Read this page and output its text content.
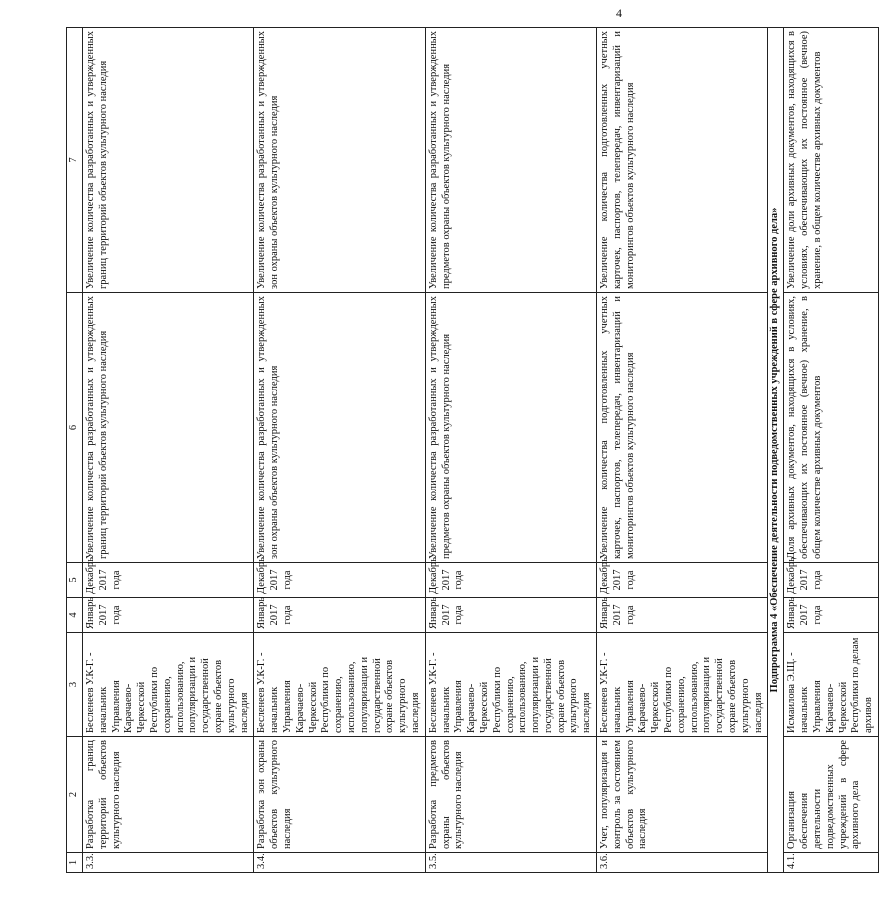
4
1	2	3	4	5	6	7
3.3.	Разработка границ территорий объектов культурного наследия	Бесленеев У.К-Г. - начальник Управления Карачаево-Черкесской Республики по сохранению, использованию, популяризации и государственной охране объектов культурного наследия	Январь 2017 года	Декабрь 2017 года	Увеличение количества разработанных и утвержденных границ территорий объектов культурного наследия	Увеличение количества разработанных и утвержденных границ территорий объектов культурного наследия
3.4.	Разработка зон охраны объектов культурного наследия	Бесленеев У.К-Г. - начальник Управления Карачаево-Черкесской Республики по сохранению, использованию, популяризации и государственной охране объектов культурного наследия	Январь 2017 года	Декабрь 2017 года	Увеличение количества разработанных и утвержденных зон охраны объектов культурного наследия	Увеличение количества разработанных и утвержденных зон охраны объектов культурного наследия
3.5.	Разработка предметов охраны объектов культурного наследия	Бесленеев У.К-Г. - начальник Управления Карачаево-Черкесской Республики по сохранению, использованию, популяризации и государственной охране объектов культурного наследия	Январь 2017 года	Декабрь 2017 года	Увеличение количества разработанных и утвержденных предметов охраны объектов культурного наследия	Увеличение количества разработанных и утвержденных предметов охраны объектов культурного наследия
3.6.	Учет, популяризация и контроль за состоянием объектов культурного наследия	Бесленеев У.К-Г. - начальник Управления Карачаево-Черкесской Республики по сохранению, использованию, популяризации и государственной охране объектов культурного наследия	Январь 2017 года	Декабрь 2017 года	Увеличение количества подготовленных учетных карточек, паспортов, телепередач, инвентаризаций и мониторингов объектов культурного наследия	Увеличение количества подготовленных учетных карточек, паспортов, телепередач, инвентаризаций и мониторингов объектов культурного наследия
Подпрограмма 4 «Обеспечение деятельности подведомственных учреждений в сфере архивного дела»						
4.1.	Организация обеспечения деятельности подведомственных учреждений в сфере архивного дела	Исмаилова Э.Щ. - начальник Управления Карачаево-Черкесской Республики по делам архивов	Январь 2017 года	Декабрь 2017 года	Доля архивных документов, находящихся в условиях, обеспечивающих их постоянное (вечное) хранение, в общем количестве архивных документов	Увеличение доли архивных документов, находящихся в условиях, обеспечивающих их постоянное (вечное) хранение, в общем количестве архивных документов
